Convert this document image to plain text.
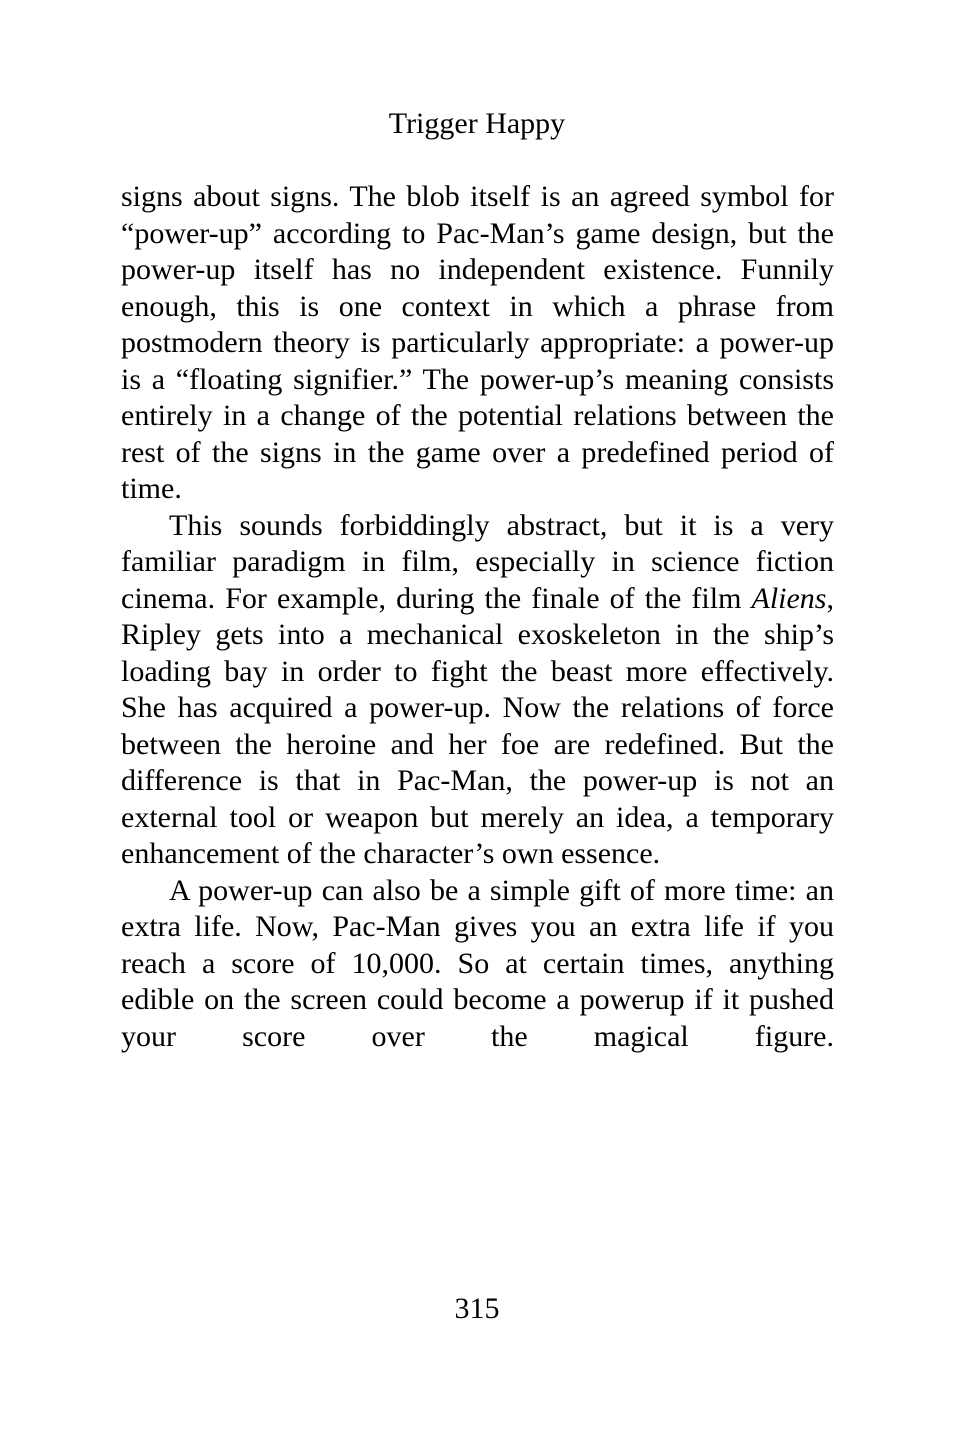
Trigger Happy

signs about signs. The blob itself is an agreed symbol for “power-up” according to Pac-Man’s game design, but the power-up itself has no independent existence. Funnily enough, this is one context in which a phrase from postmodern theory is particularly appropriate: a power-up is a “floating signifier.” The power-up’s meaning consists entirely in a change of the potential relations between the rest of the signs in the game over a predefined period of time.

This sounds forbiddingly abstract, but it is a very familiar paradigm in film, especially in science fiction cinema. For example, during the finale of the film Aliens, Ripley gets into a mechanical exoskeleton in the ship’s loading bay in order to fight the beast more effectively. She has acquired a power-up. Now the relations of force between the heroine and her foe are redefined. But the difference is that in Pac-Man, the power-up is not an external tool or weapon but merely an idea, a temporary enhancement of the character’s own essence.

A power-up can also be a simple gift of more time: an extra life. Now, Pac-Man gives you an extra life if you reach a score of 10,000. So at certain times, anything edible on the screen could become a powerup if it pushed your score over the magical figure.

315
